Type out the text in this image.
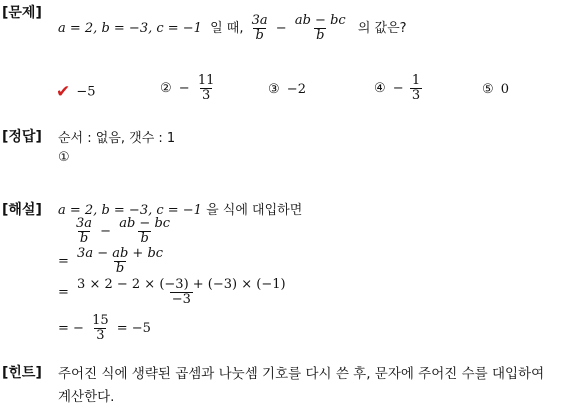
[문제]
[정답]
[해설]
[힌트]
a = 2, b = −3, c = −1 일 때, $\frac{3a}{b} - \frac{ab - bc}{b}$ 의 값은?
✔ −5	② − $\frac{11}{3}$	③ −2	④ − $\frac{1}{3}$	⑤ 0
순서 : 없음, 갯수 : 1
①
a = 2, b = −3, c = −1 을 식에 대입하면
$\frac{3a}{b} - \frac{ab - bc}{b}$
= $\frac{3a - ab + bc}{b}$
= $\frac{3 \times 2 - 2 \times (-3) + (-3) \times (-1)}{-3}$
= − $\frac{15}{3} = -5$
주어진 식에 생략된 곱셈과 나눗셈 기호를 다시 쓴 후, 문자에 주어진 수를 대입하여
계산한다.
